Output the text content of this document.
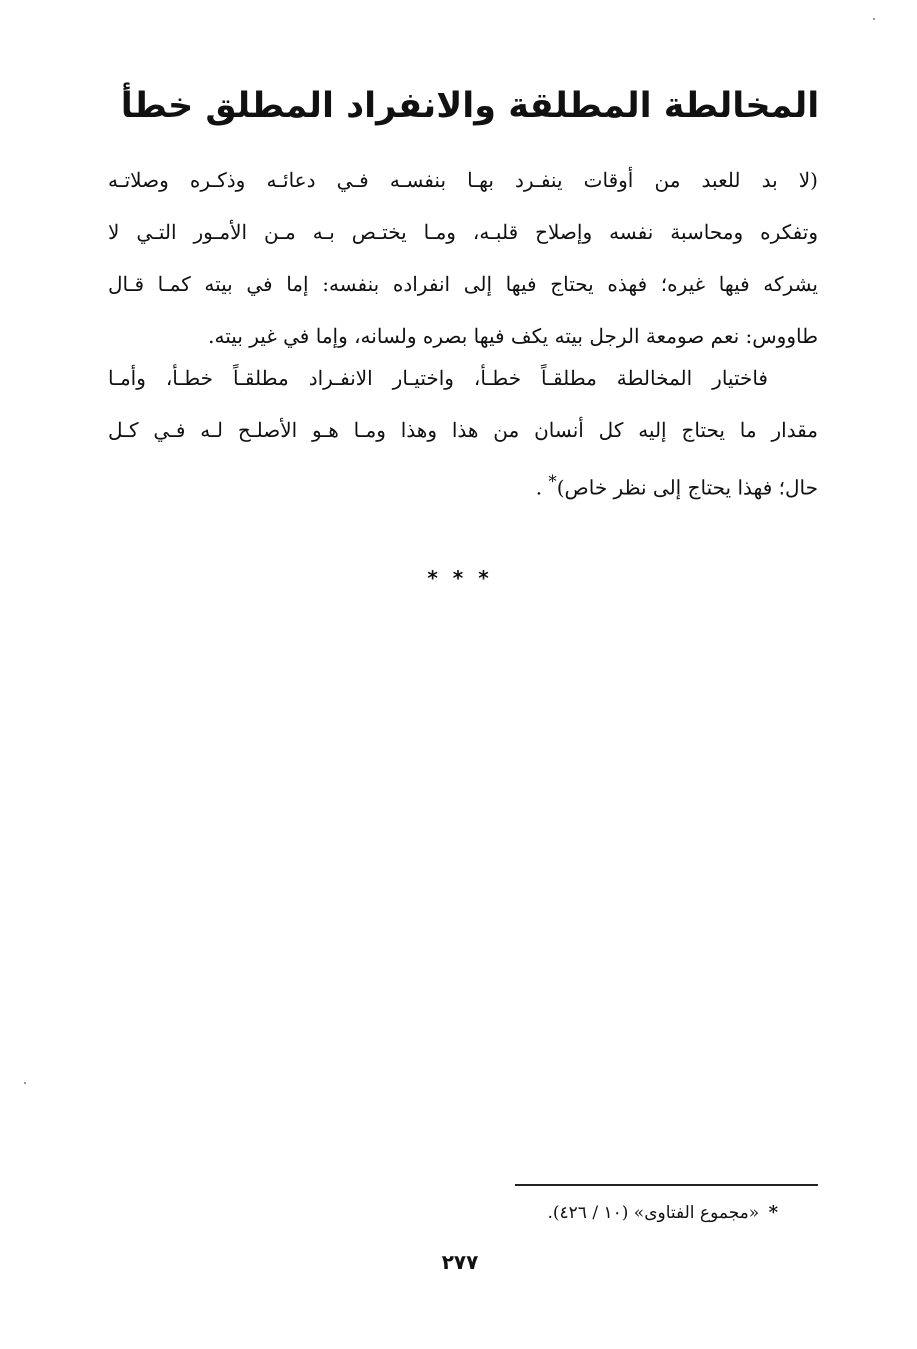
المخالطة المطلقة والانفراد المطلق خطأ
(لا بد للعبد من أوقات ينفـرد بهـا بنفسـه فـي دعائـه وذكـره وصلاتـه
وتفكره ومحاسبة نفسه وإصلاح قلبـه، ومـا يختـص بـه مـن الأمـور التـي لا
يشركه فيها غيره؛ فهذه يحتاج فيها إلى انفراده بنفسه: إما في بيته كمـا قـال
طاووس: نعم صومعة الرجل بيته يكف فيها بصره ولسانه، وإما في غير بيته.
فاختيار المخالطة مطلقـاً خطـأ، واختيـار الانفـراد مطلقـاً خطـأ، وأمـا
مقدار ما يحتاج إليه كل أنسان من هذا وهذا ومـا هـو الأصلـح لـه فـي كـل
حال؛ فهذا يحتاج إلى نظر خاص)* .
* * *
* «مجموع الفتاوى» (١٠ / ٤٢٦).
٢٧٧
